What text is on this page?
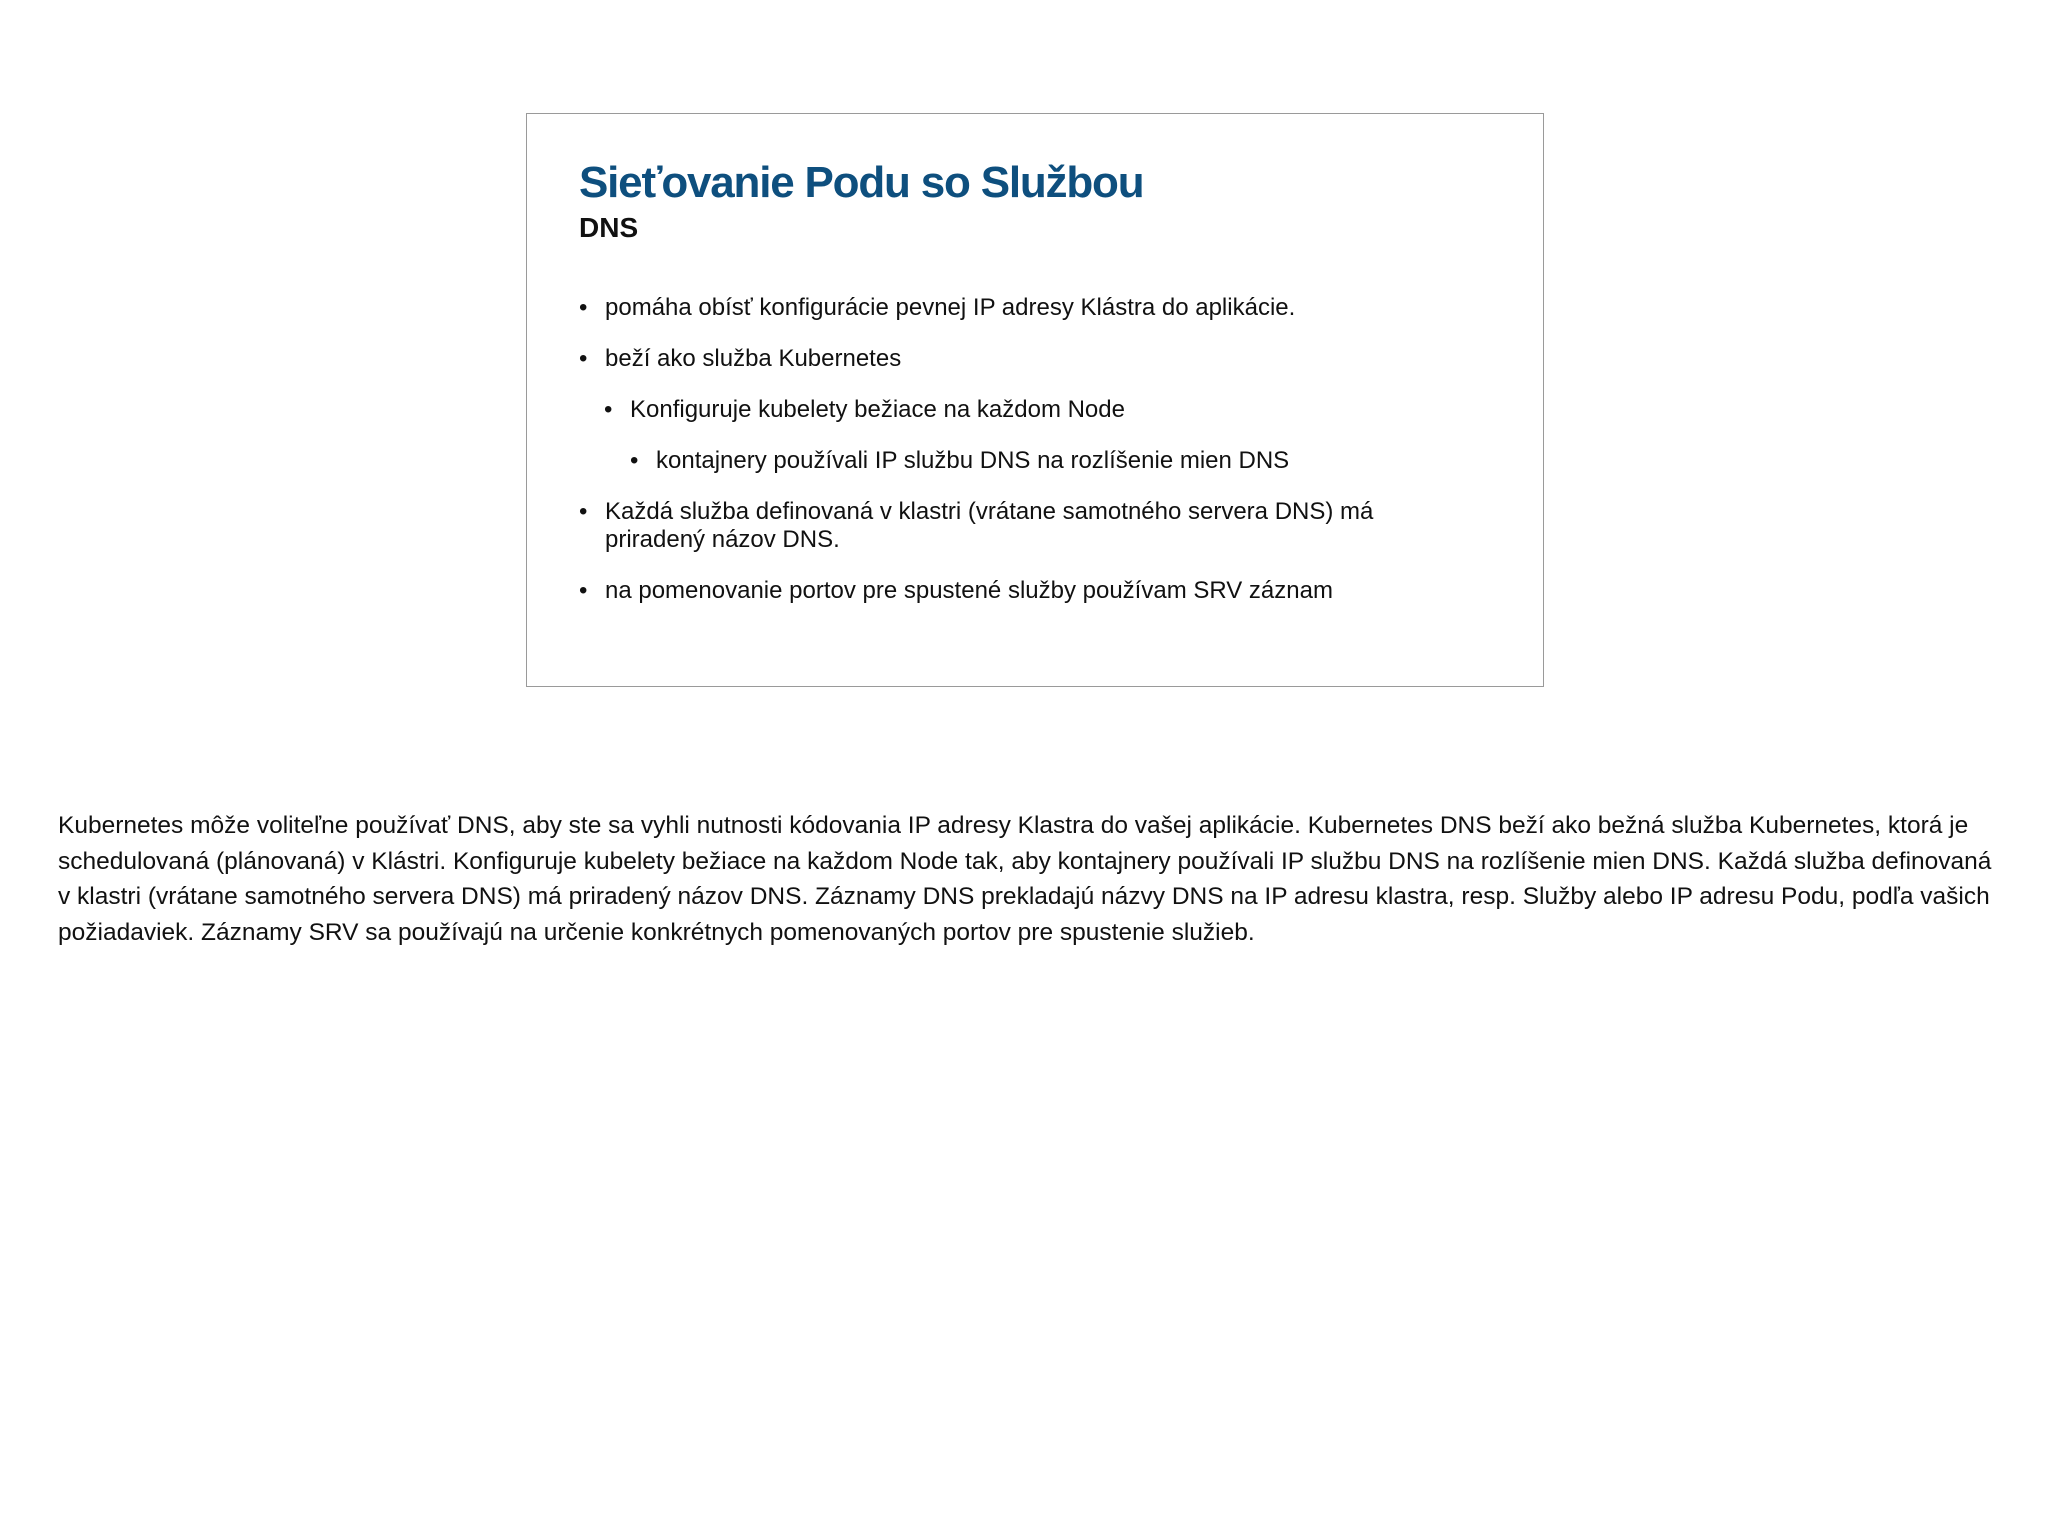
Sieťovanie Podu so Službou
DNS
• pomáha obísť konfigurácie pevnej IP adresy Klástra do aplikácie.
• beží ako služba Kubernetes
• Konfiguruje kubelety bežiace na každom Node
• kontajnery používali IP službu DNS na rozlíšenie mien DNS
• Každá služba definovaná v klastri (vrátane samotného servera DNS) má priradený názov DNS.
• na pomenovanie portov pre spustené služby používam SRV záznam

Kubernetes môže voliteľne používať DNS, aby ste sa vyhli nutnosti kódovania IP adresy Klastra do vašej aplikácie. Kubernetes DNS beží ako bežná služba Kubernetes, ktorá je schedulovaná (plánovaná) v Klástri. Konfiguruje kubelety bežiace na každom Node tak, aby kontajnery používali IP službu DNS na rozlíšenie mien DNS. Každá služba definovaná v klastri (vrátane samotného servera DNS) má priradený názov DNS. Záznamy DNS prekladajú názvy DNS na IP adresu klastra, resp. Služby alebo IP adresu Podu, podľa vašich požiadaviek. Záznamy SRV sa používajú na určenie konkrétnych pomenovaných portov pre spustenie služieb.
